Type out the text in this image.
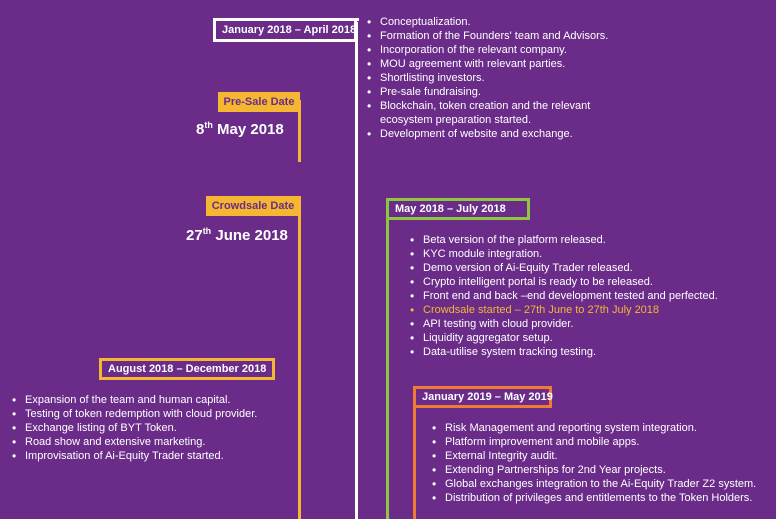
January 2018 – April 2018
• Conceptualization.
• Formation of the Founders' team and Advisors.
• Incorporation of the relevant company.
• MOU agreement with relevant parties.
• Shortlisting investors.
• Pre-sale fundraising.
• Blockchain, token creation and the relevant
ecosystem preparation started.
• Development of website and exchange.
Pre-Sale Date
8th May 2018
Crowdsale Date
27th June 2018
May 2018 – July 2018
• Beta version of the platform released.
• KYC module integration.
• Demo version of Ai-Equity Trader released.
• Crypto intelligent portal is ready to be released.
• Front end and back –end development tested and perfected.
• Crowdsale started – 27th June to 27th July 2018
• API testing with cloud provider.
• Liquidity aggregator setup.
• Data-utilise system tracking testing.
August 2018 – December 2018
• Expansion of the team and human capital.
• Testing of token redemption with cloud provider.
• Exchange listing of BYT Token.
• Road show and extensive marketing.
• Improvisation of Ai-Equity Trader started.
January 2019 – May 2019
• Risk Management and reporting system integration.
• Platform improvement and mobile apps.
• External Integrity audit.
• Extending Partnerships for 2nd Year projects.
• Global exchanges integration to the Ai-Equity Trader Z2 system.
• Distribution of privileges and entitlements to the Token Holders.
